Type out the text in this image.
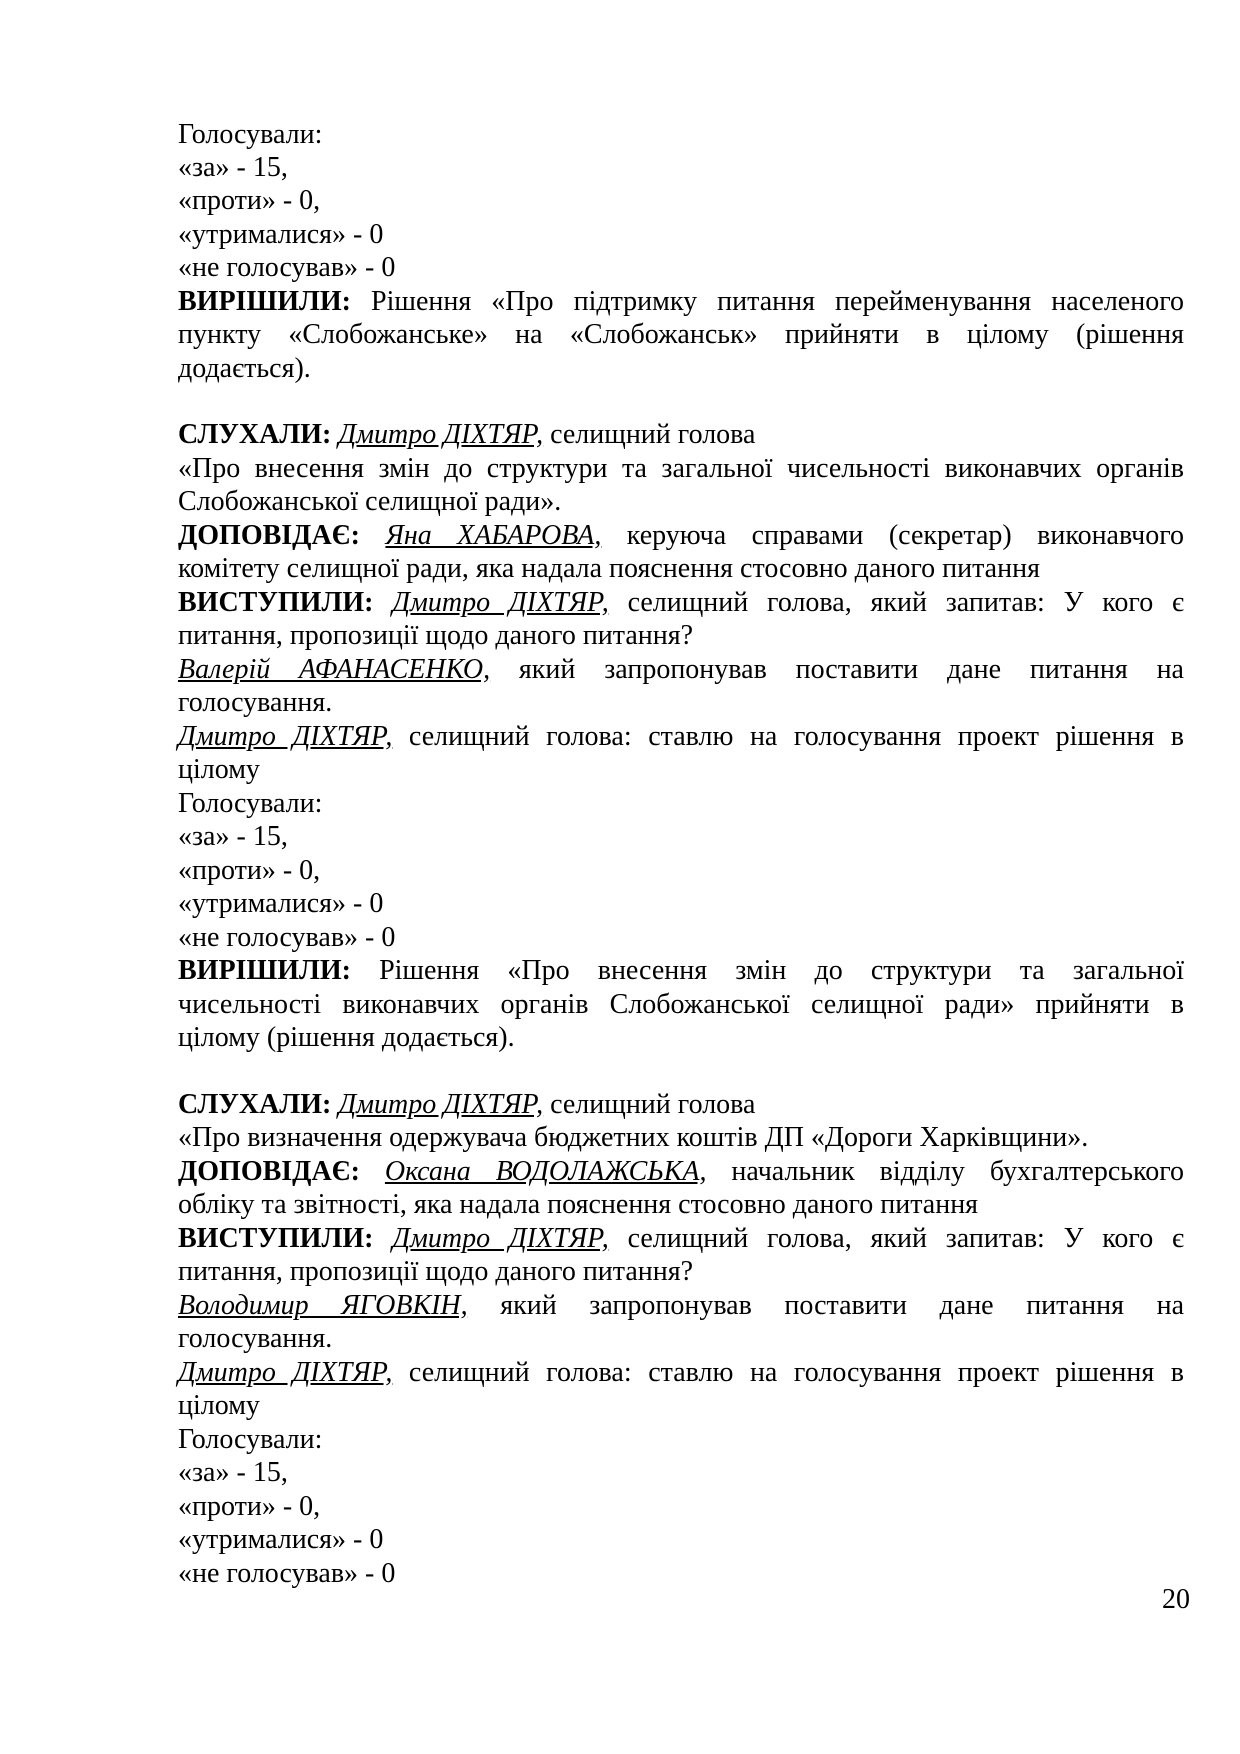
Голосували:
«за» - 15,
«проти» - 0,
«утрималися» - 0
«не голосував» - 0
ВИРІШИЛИ: Рішення «Про підтримку питання перейменування населеного
пункту «Слобожанське» на «Слобожанськ» прийняти в цілому (рішення
додається).
СЛУХАЛИ: Дмитро ДІХТЯР, селищний голова
«Про внесення змін до структури та загальної чисельності виконавчих органів
Слобожанської селищної ради».
ДОПОВІДАЄ: Яна ХАБАРОВА, керуюча справами (секретар) виконавчого
комітету селищної ради, яка надала пояснення стосовно даного питання
ВИСТУПИЛИ: Дмитро ДІХТЯР, селищний голова, який запитав: У кого є
питання, пропозиції щодо даного питання?
Валерій АФАНАСЕНКО, який запропонував поставити дане питання на
голосування.
Дмитро ДІХТЯР, селищний голова: ставлю на голосування проект рішення в
цілому
Голосували:
«за» - 15,
«проти» - 0,
«утрималися» - 0
«не голосував» - 0
ВИРІШИЛИ: Рішення «Про внесення змін до структури та загальної
чисельності виконавчих органів Слобожанської селищної ради» прийняти в
цілому (рішення додається).
СЛУХАЛИ: Дмитро ДІХТЯР, селищний голова
«Про визначення одержувача бюджетних коштів ДП «Дороги Харківщини».
ДОПОВІДАЄ: Оксана ВОДОЛАЖСЬКА, начальник відділу бухгалтерського
обліку та звітності, яка надала пояснення стосовно даного питання
ВИСТУПИЛИ: Дмитро ДІХТЯР, селищний голова, який запитав: У кого є
питання, пропозиції щодо даного питання?
Володимир ЯГОВКІН, який запропонував поставити дане питання на
голосування.
Дмитро ДІХТЯР, селищний голова: ставлю на голосування проект рішення в
цілому
Голосували:
«за» - 15,
«проти» - 0,
«утрималися» - 0
«не голосував» - 0
20
